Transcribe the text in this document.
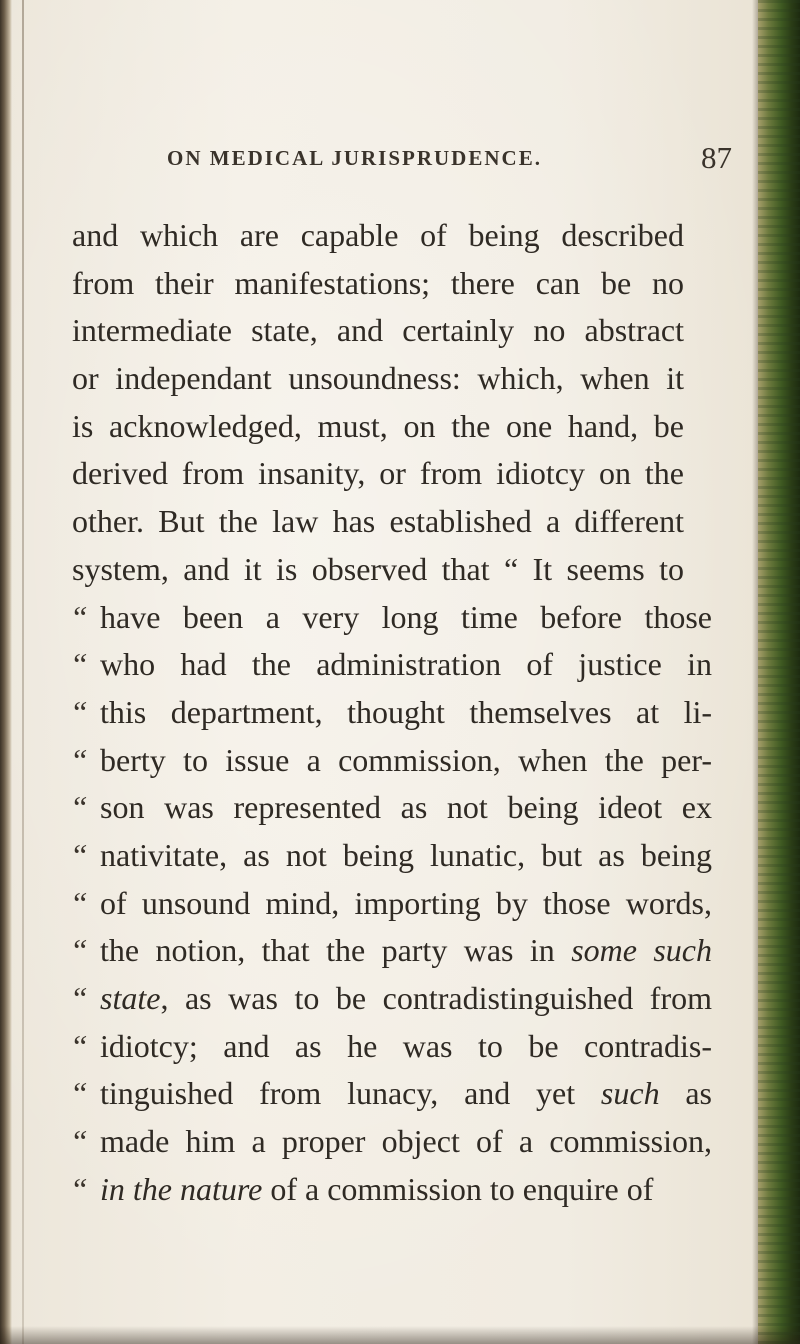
ON MEDICAL JURISPRUDENCE.	87
and which are capable of being described
from their manifestations; there can be no
intermediate state, and certainly no abstract
or independant unsoundness: which, when it
is acknowledged, must, on the one hand, be
derived from insanity, or from idiotcy on the
other. But the law has established a different
system, and it is observed that “ It seems to
“ have been a very long time before those
“ who had the administration of justice in
“ this department, thought themselves at li-
“ berty to issue a commission, when the per-
“ son was represented as not being ideot ex
“ nativitate, as not being lunatic, but as being
“ of unsound mind, importing by those words,
“ the notion, that the party was in some such
“ state, as was to be contradistinguished from
“ idiotcy; and as he was to be contradis-
“ tinguished from lunacy, and yet such as
“ made him a proper object of a commission,
“ in the nature of a commission to enquire of
